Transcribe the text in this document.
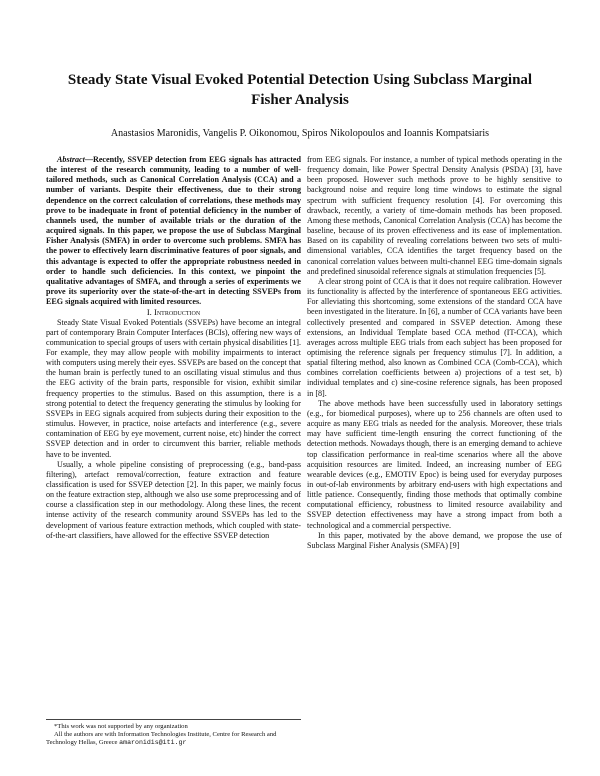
Steady State Visual Evoked Potential Detection Using Subclass Marginal Fisher Analysis
Anastasios Maronidis, Vangelis P. Oikonomou, Spiros Nikolopoulos and Ioannis Kompatsiaris

Abstract—Recently, SSVEP detection from EEG signals has attracted the interest of the research community, leading to a number of well-tailored methods, such as Canonical Correlation Analysis (CCA) and a number of variants. Despite their effectiveness, due to their strong dependence on the correct calculation of correlations, these methods may prove to be inadequate in front of potential deficiency in the number of channels used, the number of available trials or the duration of the acquired signals. In this paper, we propose the use of Subclass Marginal Fisher Analysis (SMFA) in order to overcome such problems. SMFA has the power to effectively learn discriminative features of poor signals, and this advantage is expected to offer the appropriate robustness needed in order to handle such deficiencies. In this context, we pinpoint the qualitative advantages of SMFA, and through a series of experiments we prove its superiority over the state-of-the-art in detecting SSVEPs from EEG signals acquired with limited resources.

I. Introduction

Steady State Visual Evoked Potentials (SSVEPs) have become an integral part of contemporary Brain Computer Interfaces (BCIs), offering new ways of communication to special groups of users with certain physical disabilities [1]. For example, they may allow people with mobility impairments to interact with computers using merely their eyes. SSVEPs are based on the concept that the human brain is perfectly tuned to an oscillating visual stimulus and thus the EEG activity of the brain parts, responsible for vision, exhibit similar frequency properties to the stimulus. Based on this assumption, there is a strong potential to detect the frequency generating the stimulus by looking for SSVEPs in EEG signals acquired from subjects during their exposition to the stimulus. However, in practice, noise artefacts and interference (e.g., severe contamination of EEG by eye movement, current noise, etc) hinder the correct SSVEP detection and in order to circumvent this barrier, reliable methods have to be invented.

Usually, a whole pipeline consisting of preprocessing (e.g., band-pass filtering), artefact removal/correction, feature extraction and feature classification is used for SSVEP detection [2]. In this paper, we mainly focus on the feature extraction step, although we also use some preprocessing and of course a classification step in our methodology. Along these lines, the recent intense activity of the research community around SSVEPs has led to the development of various feature extraction methods, which coupled with state-of-the-art classifiers, have allowed for the effective SSVEP detection

from EEG signals. For instance, a number of typical methods operating in the frequency domain, like Power Spectral Density Analysis (PSDA) [3], have been proposed. However such methods prove to be highly sensitive to background noise and require long time windows to estimate the signal spectrum with sufficient frequency resolution [4]. For overcoming this drawback, recently, a variety of time-domain methods has been proposed. Among these methods, Canonical Correlation Analysis (CCA) has become the baseline, because of its proven effectiveness and its ease of implementation. Based on its capability of revealing correlations between two sets of multi-dimensional variables, CCA identifies the target frequency based on the canonical correlation values between multi-channel EEG time-domain signals and predefined sinusoidal reference signals at stimulation frequencies [5].

A clear strong point of CCA is that it does not require calibration. However its functionality is affected by the interference of spontaneous EEG activities. For alleviating this shortcoming, some extensions of the standard CCA have been investigated in the literature. In [6], a number of CCA variants have been collectively presented and compared in SSVEP detection. Among these extensions, an Individual Template based CCA method (IT-CCA), which averages across multiple EEG trials from each subject has been proposed for optimising the reference signals per frequency stimulus [7]. In addition, a spatial filtering method, also known as Combined CCA (Comb-CCA), which combines correlation coefficients between a) projections of a test set, b) individual templates and c) sine-cosine reference signals, has been proposed in [8].

The above methods have been successfully used in laboratory settings (e.g., for biomedical purposes), where up to 256 channels are often used to acquire as many EEG trials as needed for the analysis. Moreover, these trials may have sufficient time-length ensuring the correct functioning of the detection methods. Nowadays though, there is an emerging demand to achieve top classification performance in real-time scenarios where all the above acquisition resources are limited. Indeed, an increasing number of EEG wearable devices (e.g., EMOTIV Epoc) is being used for everyday purposes in out-of-lab environments by arbitrary end-users with high expectations and little patience. Consequently, finding those methods that optimally combine computational efficiency, robustness to limited resource availability and SSVEP detection effectiveness may have a strong impact from both a technological and a commercial perspective.

In this paper, motivated by the above demand, we propose the use of Subclass Marginal Fisher Analysis (SMFA) [9]

*This work was not supported by any organization

All the authors are with Information Technologies Institute, Centre for Research and Technology Hellas, Greece amaronidis@iti.gr
